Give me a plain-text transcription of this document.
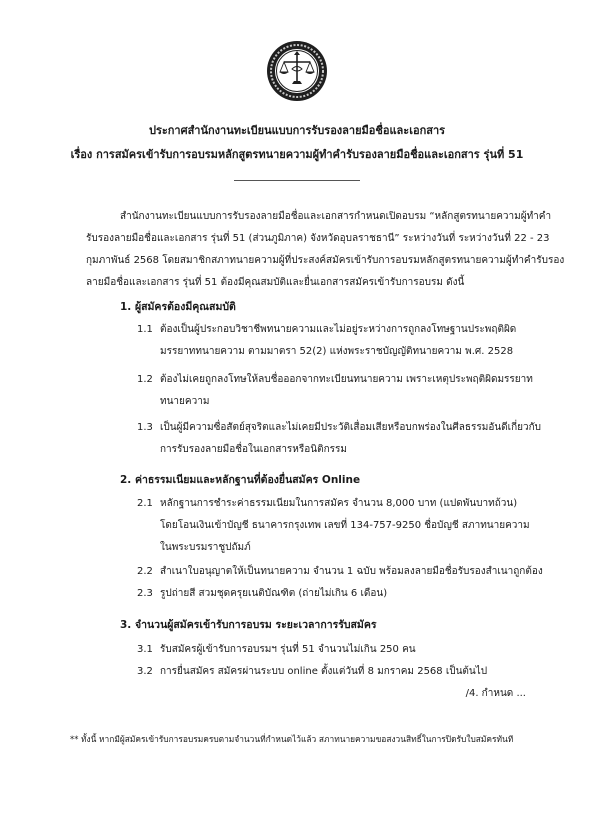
ประกาศสำนักงานทะเบียนแบบการรับรองลายมือชื่อและเอกสาร
เรื่อง การสมัครเข้ารับการอบรมหลักสูตรทนายความผู้ทำคำรับรองลายมือชื่อและเอกสาร รุ่นที่ 51
สำนักงานทะเบียนแบบการรับรองลายมือชื่อและเอกสารกำหนดเปิดอบรม “หลักสูตรทนายความผู้ทำคำ
รับรองลายมือชื่อและเอกสาร รุ่นที่ 51 (ส่วนภูมิภาค) จังหวัดอุบลราชธานี” ระหว่างวันที่ ระหว่างวันที่ 22 - 23
กุมภาพันธ์ 2568 โดยสมาชิกสภาทนายความผู้ที่ประสงค์สมัครเข้ารับการอบรมหลักสูตรทนายความผู้ทำคำรับรอง
ลายมือชื่อและเอกสาร รุ่นที่ 51 ต้องมีคุณสมบัติและยื่นเอกสารสมัครเข้ารับการอบรม ดังนี้
1. ผู้สมัครต้องมีคุณสมบัติ
1.1 ต้องเป็นผู้ประกอบวิชาชีพทนายความและไม่อยู่ระหว่างการถูกลงโทษฐานประพฤติผิด
มรรยาททนายความ ตามมาตรา 52(2) แห่งพระราชบัญญัติทนายความ พ.ศ. 2528
1.2 ต้องไม่เคยถูกลงโทษให้ลบชื่อออกจากทะเบียนทนายความ เพราะเหตุประพฤติผิดมรรยาท
ทนายความ
1.3 เป็นผู้มีความซื่อสัตย์สุจริตและไม่เคยมีประวัติเสื่อมเสียหรือบกพร่องในศีลธรรมอันดีเกี่ยวกับ
การรับรองลายมือชื่อในเอกสารหรือนิติกรรม
2. ค่าธรรมเนียมและหลักฐานที่ต้องยื่นสมัคร Online
2.1 หลักฐานการชำระค่าธรรมเนียมในการสมัคร จำนวน 8,000 บาท (แปดพันบาทถ้วน)
โดยโอนเงินเข้าบัญชี ธนาคารกรุงเทพ เลขที่ 134-757-9250 ชื่อบัญชี สภาทนายความ
ในพระบรมราชูปถัมภ์
2.2 สำเนาใบอนุญาตให้เป็นทนายความ จำนวน 1 ฉบับ พร้อมลงลายมือชื่อรับรองสำเนาถูกต้อง
2.3 รูปถ่ายสี สวมชุดครุยเนติบัณฑิต (ถ่ายไม่เกิน 6 เดือน)
3. จำนวนผู้สมัครเข้ารับการอบรม ระยะเวลาการรับสมัคร
3.1 รับสมัครผู้เข้ารับการอบรมฯ รุ่นที่ 51 จำนวนไม่เกิน 250 คน
3.2 การยื่นสมัคร สมัครผ่านระบบ online ตั้งแต่วันที่ 8 มกราคม 2568 เป็นต้นไป
/4. กำหนด ...
** ทั้งนี้ หากมีผู้สมัครเข้ารับการอบรมครบตามจำนวนที่กำหนดไว้แล้ว สภาทนายความขอสงวนสิทธิ์ในการปิดรับใบสมัครทันที
